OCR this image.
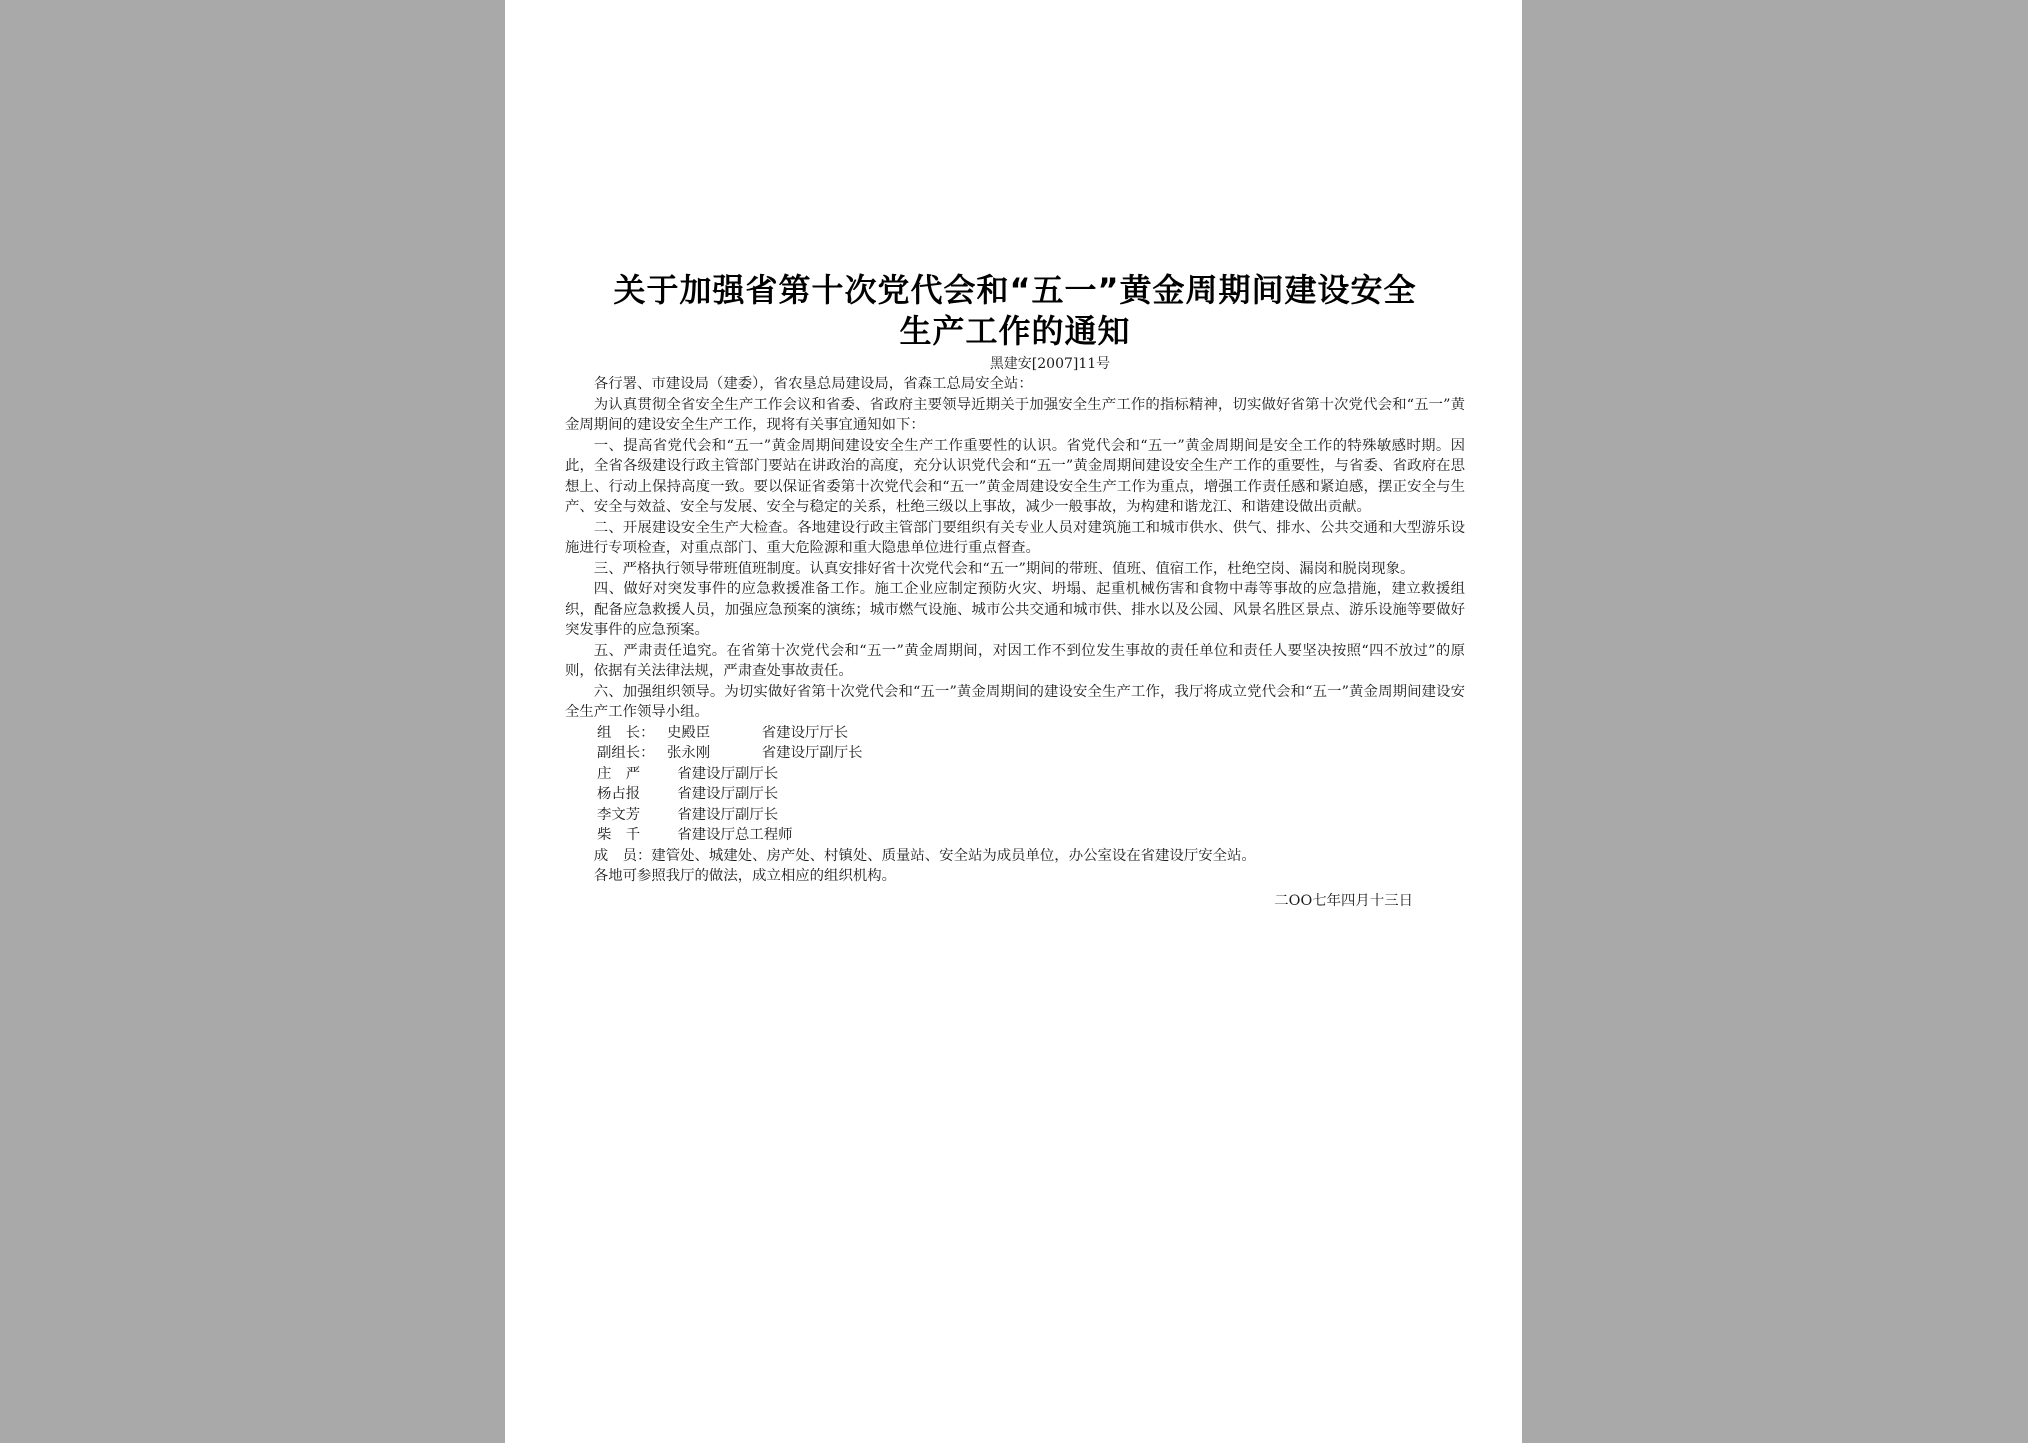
关于加强省第十次党代会和“五一”黄金周期间建设安全
生产工作的通知
黑建安[2007]11号

各行署、市建设局（建委），省农垦总局建设局，省森工总局安全站：

为认真贯彻全省安全生产工作会议和省委、省政府主要领导近期关于加强安全生产工作的指标精神，切实做好省第十次党代会和“五一”黄金周期间的建设安全生产工作，现将有关事宜通知如下：

一、提高省党代会和“五一”黄金周期间建设安全生产工作重要性的认识。省党代会和“五一”黄金周期间是安全工作的特殊敏感时期。因此，全省各级建设行政主管部门要站在讲政治的高度，充分认识党代会和“五一”黄金周期间建设安全生产工作的重要性，与省委、省政府在思想上、行动上保持高度一致。要以保证省委第十次党代会和“五一”黄金周建设安全生产工作为重点，增强工作责任感和紧迫感，摆正安全与生产、安全与效益、安全与发展、安全与稳定的关系，杜绝三级以上事故，减少一般事故，为构建和谐龙江、和谐建设做出贡献。

二、开展建设安全生产大检查。各地建设行政主管部门要组织有关专业人员对建筑施工和城市供水、供气、排水、公共交通和大型游乐设施进行专项检查，对重点部门、重大危险源和重大隐患单位进行重点督查。

三、严格执行领导带班值班制度。认真安排好省十次党代会和“五一”期间的带班、值班、值宿工作，杜绝空岗、漏岗和脱岗现象。

四、做好对突发事件的应急救援准备工作。施工企业应制定预防火灾、坍塌、起重机械伤害和食物中毒等事故的应急措施，建立救援组织，配备应急救援人员，加强应急预案的演练；城市燃气设施、城市公共交通和城市供、排水以及公园、风景名胜区景点、游乐设施等要做好突发事件的应急预案。

五、严肃责任追究。在省第十次党代会和“五一”黄金周期间，对因工作不到位发生事故的责任单位和责任人要坚决按照“四不放过”的原则，依据有关法律法规，严肃查处事故责任。

六、加强组织领导。为切实做好省第十次党代会和“五一”黄金周期间的建设安全生产工作，我厅将成立党代会和“五一”黄金周期间建设安全生产工作领导小组。

组　长： 史殿臣  	省建设厅厅长
副组长： 张永刚  	省建设厅副厅长
庄　严 	省建设厅副厅长
杨占报 	省建设厅副厅长
李文芳 	省建设厅副厅长
柴　千 	省建设厅总工程师

成　员：建管处、城建处、房产处、村镇处、质量站、安全站为成员单位，办公室设在省建设厅安全站。

各地可参照我厅的做法，成立相应的组织机构。

二OO七年四月十三日
